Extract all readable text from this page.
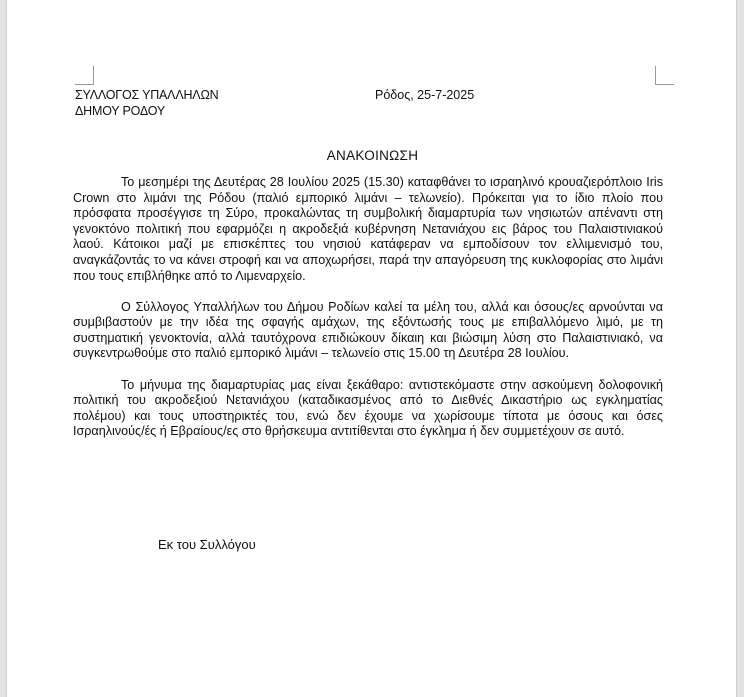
ΣΥΛΛΟΓΟΣ ΥΠΑΛΛΗΛΩΝ
ΔΗΜΟΥ ΡΟΔΟΥ
Ρόδος, 25-7-2025
ΑΝΑΚΟΙΝΩΣΗ

Το μεσημέρι της Δευτέρας 28 Ιουλίου 2025 (15.30) καταφθάνει το ισραηλινό κρουαζιερόπλοιο Iris Crown στο λιμάνι της Ρόδου (παλιό εμπορικό λιμάνι – τελωνείο). Πρόκειται για το ίδιο πλοίο που πρόσφατα προσέγγισε τη Σύρο, προκαλώντας τη συμβολική διαμαρτυρία των νησιωτών απέναντι στη γενοκτόνο πολιτική που εφαρμόζει η ακροδεξιά κυβέρνηση Νετανιάχου εις βάρος του Παλαιστινιακού λαού. Κάτοικοι μαζί με επισκέπτες του νησιού κατάφεραν να εμποδίσουν τον ελλιμενισμό του, αναγκάζοντάς το να κάνει στροφή και να αποχωρήσει, παρά την απαγόρευση της κυκλοφορίας στο λιμάνι που τους επιβλήθηκε από το Λιμεναρχείο.

Ο Σύλλογος Υπαλλήλων του Δήμου Ροδίων καλεί τα μέλη του, αλλά και όσους/ες αρνούνται να συμβιβαστούν με την ιδέα της σφαγής αμάχων, της εξόντωσής τους με επιβαλλόμενο λιμό, με τη συστηματική γενοκτονία, αλλά ταυτόχρονα επιδιώκουν δίκαιη και βιώσιμη λύση στο Παλαιστινιακό, να συγκεντρωθούμε στο παλιό εμπορικό λιμάνι – τελωνείο στις 15.00 τη Δευτέρα 28 Ιουλίου.

Το μήνυμα της διαμαρτυρίας μας είναι ξεκάθαρο: αντιστεκόμαστε στην ασκούμενη δολοφονική πολιτική του ακροδεξιού Νετανιάχου (καταδικασμένος από το Διεθνές Δικαστήριο ως εγκληματίας πολέμου) και τους υποστηρικτές του, ενώ δεν έχουμε να χωρίσουμε τίποτα με όσους και όσες Ισραηλινούς/ές ή Εβραίους/ες στο θρήσκευμα αντιτίθενται στο έγκλημα ή δεν συμμετέχουν σε αυτό.

Εκ του Συλλόγου
